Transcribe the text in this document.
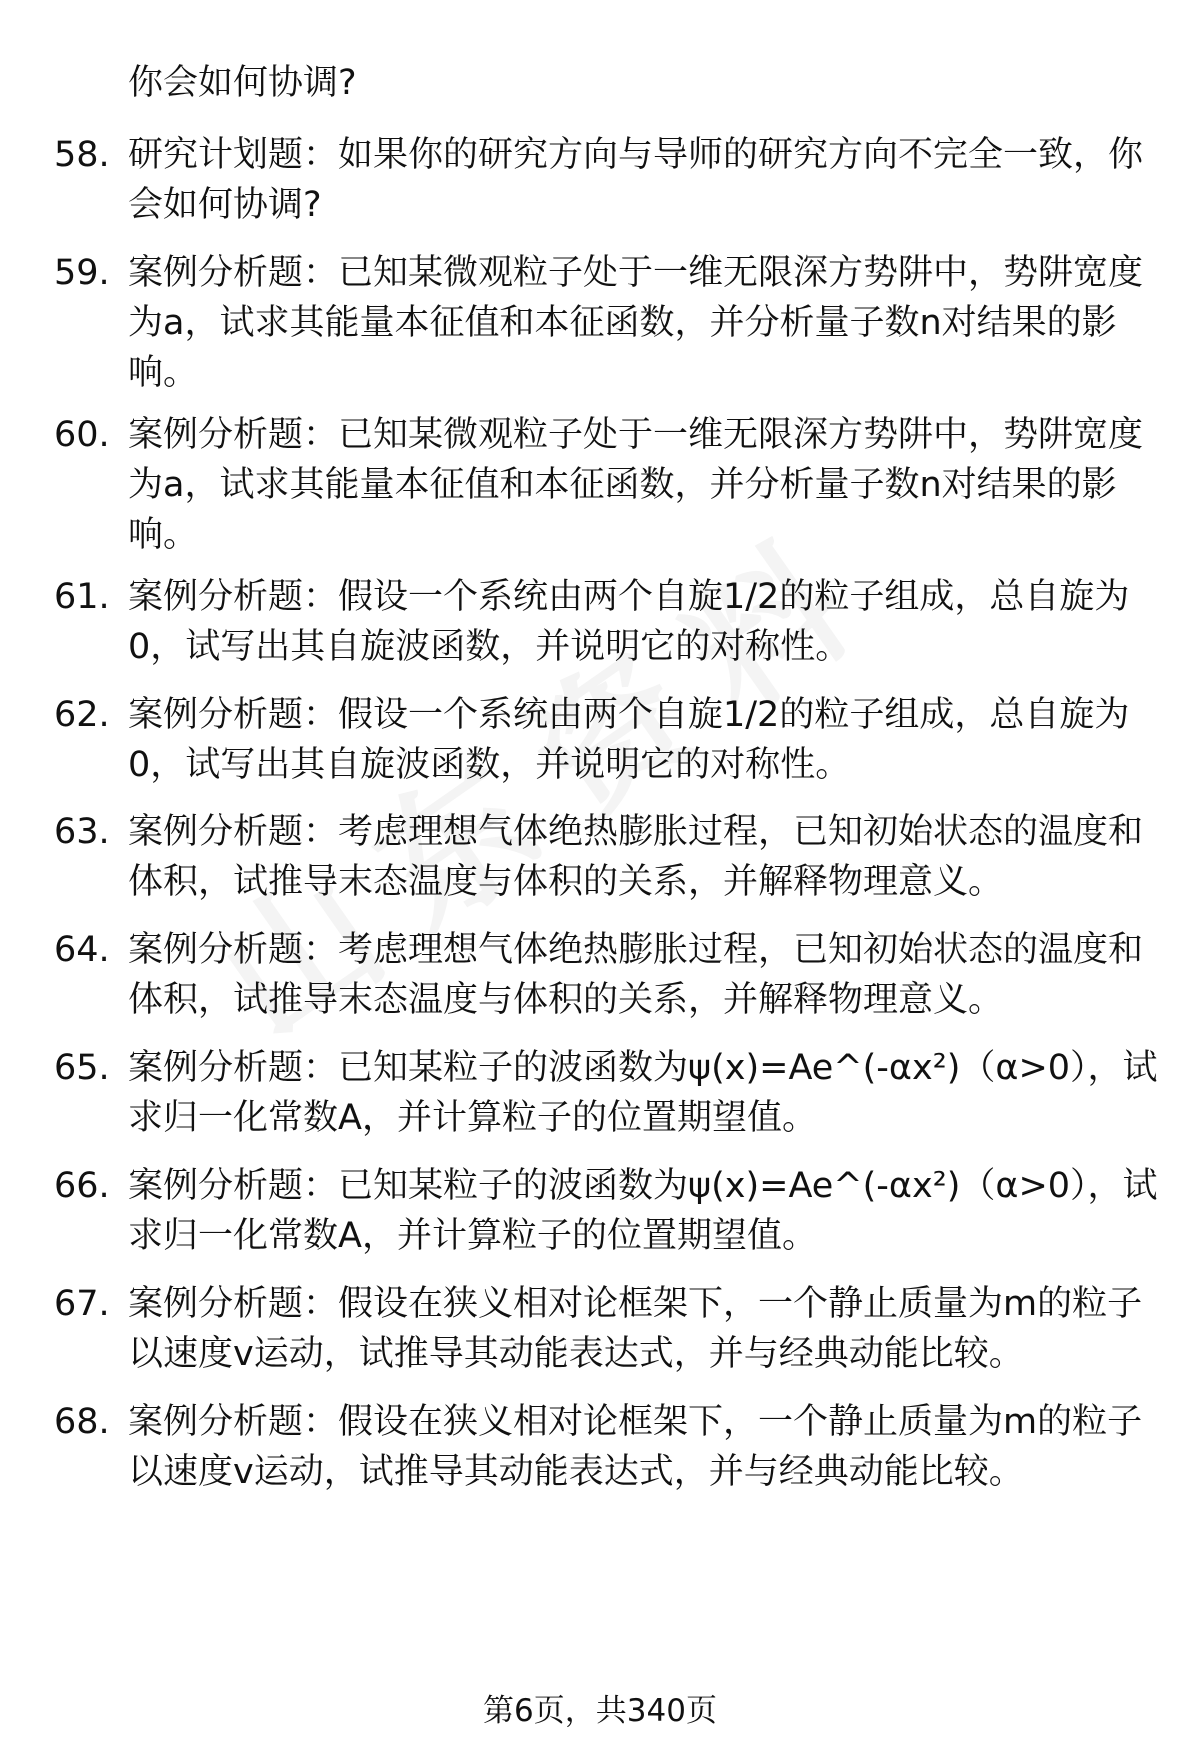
你会如何协调?
58. 研究计划题：如果你的研究方向与导师的研究方向不完全一致，你会如何协调?
59. 案例分析题：已知某微观粒子处于一维无限深方势阱中，势阱宽度为a，试求其能量本征值和本征函数，并分析量子数n对结果的影响。
60. 案例分析题：已知某微观粒子处于一维无限深方势阱中，势阱宽度为a，试求其能量本征值和本征函数，并分析量子数n对结果的影响。
61. 案例分析题：假设一个系统由两个自旋1/2的粒子组成，总自旋为0，试写出其自旋波函数，并说明它的对称性。
62. 案例分析题：假设一个系统由两个自旋1/2的粒子组成，总自旋为0，试写出其自旋波函数，并说明它的对称性。
63. 案例分析题：考虑理想气体绝热膨胀过程，已知初始状态的温度和体积，试推导末态温度与体积的关系，并解释物理意义。
64. 案例分析题：考虑理想气体绝热膨胀过程，已知初始状态的温度和体积，试推导末态温度与体积的关系，并解释物理意义。
65. 案例分析题：已知某粒子的波函数为ψ(x)=Ae^(-αx²)（α>0），试求归一化常数A，并计算粒子的位置期望值。
66. 案例分析题：已知某粒子的波函数为ψ(x)=Ae^(-αx²)（α>0），试求归一化常数A，并计算粒子的位置期望值。
67. 案例分析题：假设在狭义相对论框架下，一个静止质量为m的粒子以速度v运动，试推导其动能表达式，并与经典动能比较。
68. 案例分析题：假设在狭义相对论框架下，一个静止质量为m的粒子以速度v运动，试推导其动能表达式，并与经典动能比较。
第6页，共340页
